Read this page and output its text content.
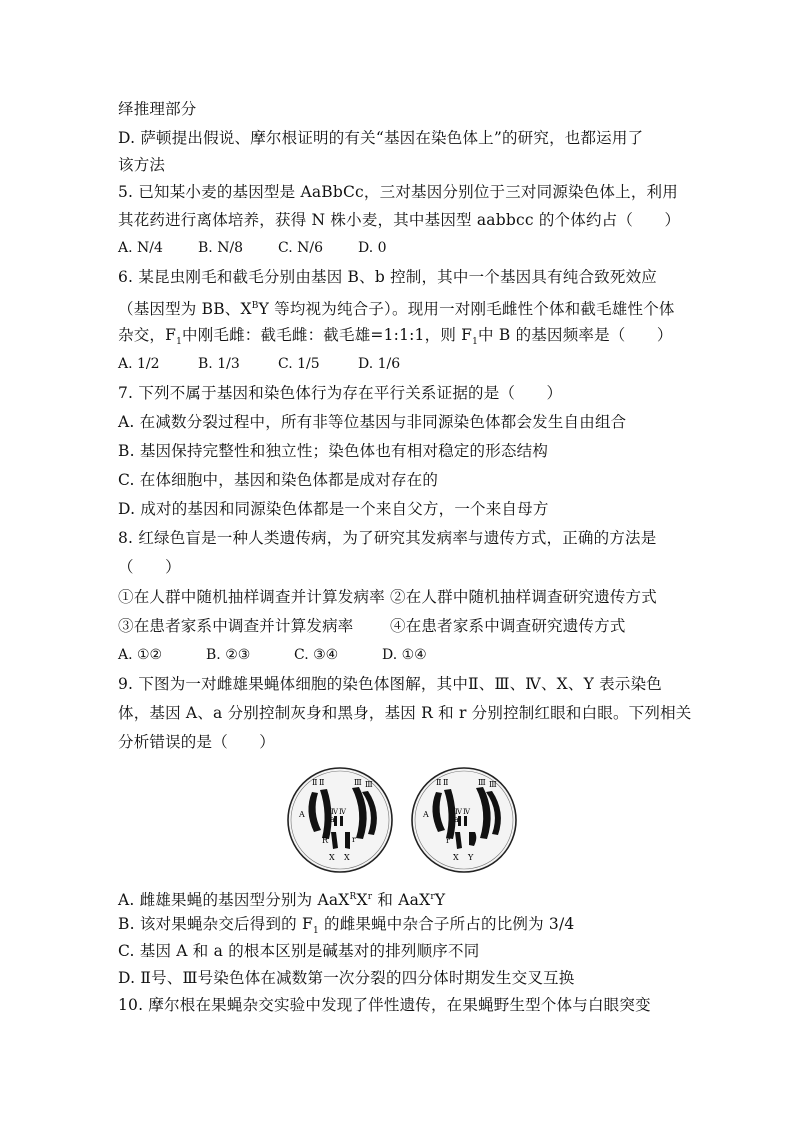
绎推理部分
D. 萨顿提出假说、摩尔根证明的有关“基因在染色体上”的研究，也都运用了
该方法
5. 已知某小麦的基因型是 AaBbCc，三对基因分别位于三对同源染色体上，利用
其花药进行离体培养，获得 N 株小麦，其中基因型 aabbcc 的个体约占（　　）
A. N/4	B. N/8 C. N/6	D. 0
6. 某昆虫刚毛和截毛分别由基因 B、b 控制，其中一个基因具有纯合致死效应
（基因型为 BB、$X^BY$ 等均视为纯合子）。现用一对刚毛雌性个体和截毛雄性个体
杂交，$F_1$中刚毛雌：截毛雌：截毛雄=1:1:1，则 $F_1$中 B 的基因频率是（　　）
A. 1/2	B. 1/3	C. 1/5	D. 1/6
7. 下列不属于基因和染色体行为存在平行关系证据的是（　　）
A. 在减数分裂过程中，所有非等位基因与非同源染色体都会发生自由组合
B. 基因保持完整性和独立性；染色体也有相对稳定的形态结构
C. 在体细胞中，基因和染色体都是成对存在的
D. 成对的基因和同源染色体都是一个来自父方，一个来自母方
8. 红绿色盲是一种人类遗传病，为了研究其发病率与遗传方式，正确的方法是
（　　）
①在人群中随机抽样调查并计算发病率 ②在人群中随机抽样调查研究遗传方式
③在患者家系中调查并计算发病率　　 ④在患者家系中调查研究遗传方式
A. ①②	B. ②③	C. ③④	D. ①④
9. 下图为一对雌雄果蝇体细胞的染色体图解，其中Ⅱ、Ⅲ、Ⅳ、X、Y 表示染色
体，基因 A、a 分别控制灰身和黑身，基因 R 和 r 分别控制红眼和白眼。下列相关
分析错误的是（　　）
Ⅱ Ⅱ	Ⅲ Ⅲ
Ⅳ Ⅳ
A
a
R	r
X X
Ⅱ Ⅱ	Ⅲ Ⅲ
Ⅳ Ⅳ
A
a
r
X Y
A. 雌雄果蝇的基因型分别为 $AaX^RX^r$ 和 AaX$^r$Y
B. 该对果蝇杂交后得到的 $F_1$ 的雌果蝇中杂合子所占的比例为 3/4
C. 基因 A 和 a 的根本区别是碱基对的排列顺序不同
D. Ⅱ号、Ⅲ号染色体在减数第一次分裂的四分体时期发生交叉互换
10. 摩尔根在果蝇杂交实验中发现了伴性遗传，在果蝇野生型个体与白眼突变
